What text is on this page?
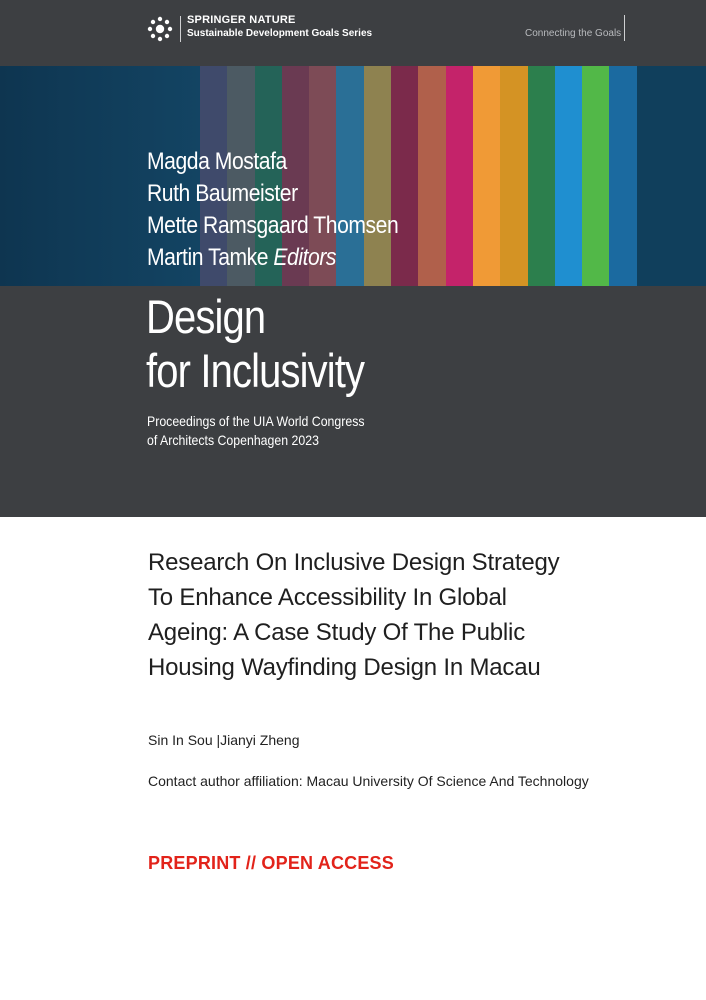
SPRINGER NATURE
Sustainable Development Goals Series	Connecting the Goals
Magda Mostafa
Ruth Baumeister
Mette Ramsgaard Thomsen
Martin Tamke Editors
Design
for Inclusivity
Proceedings of the UIA World Congress
of Architects Copenhagen 2023
Research On Inclusive Design Strategy
To Enhance Accessibility In Global
Ageing: A Case Study Of The Public
Housing Wayfinding Design In Macau
Sin In Sou |Jianyi Zheng
Contact author affiliation: Macau University Of Science And Technology
PREPRINT // OPEN ACCESS
